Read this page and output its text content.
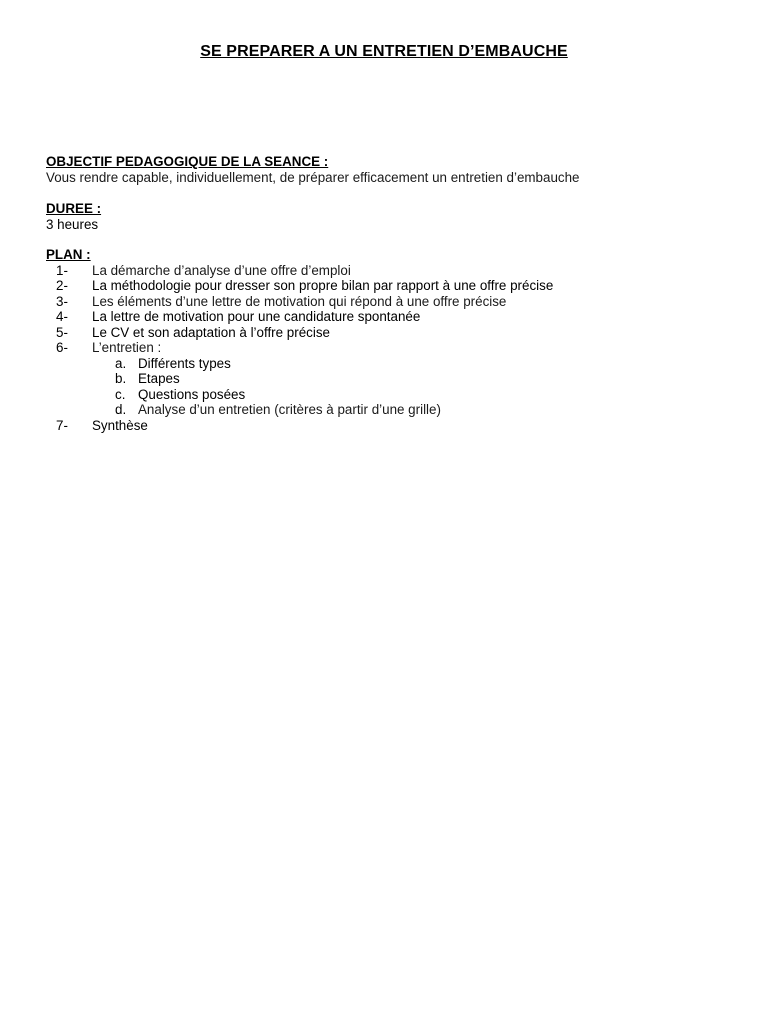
SE PREPARER A UN ENTRETIEN D’EMBAUCHE
OBJECTIF PEDAGOGIQUE DE LA SEANCE :
Vous rendre capable, individuellement, de préparer efficacement un entretien d’embauche
DUREE :
3 heures
PLAN :
1-	La démarche d’analyse d’une offre d’emploi
2-	La méthodologie pour dresser son propre bilan par rapport à une offre précise
3-	Les éléments d’une lettre de motivation qui répond à une offre précise
4-	La lettre de motivation pour une candidature spontanée
5-	Le CV et son adaptation à l’offre précise
6-	L’entretien :
a. Différents types
b. Etapes
c. Questions posées
d. Analyse d’un entretien (critères à partir d’une grille)
7-	Synthèse
